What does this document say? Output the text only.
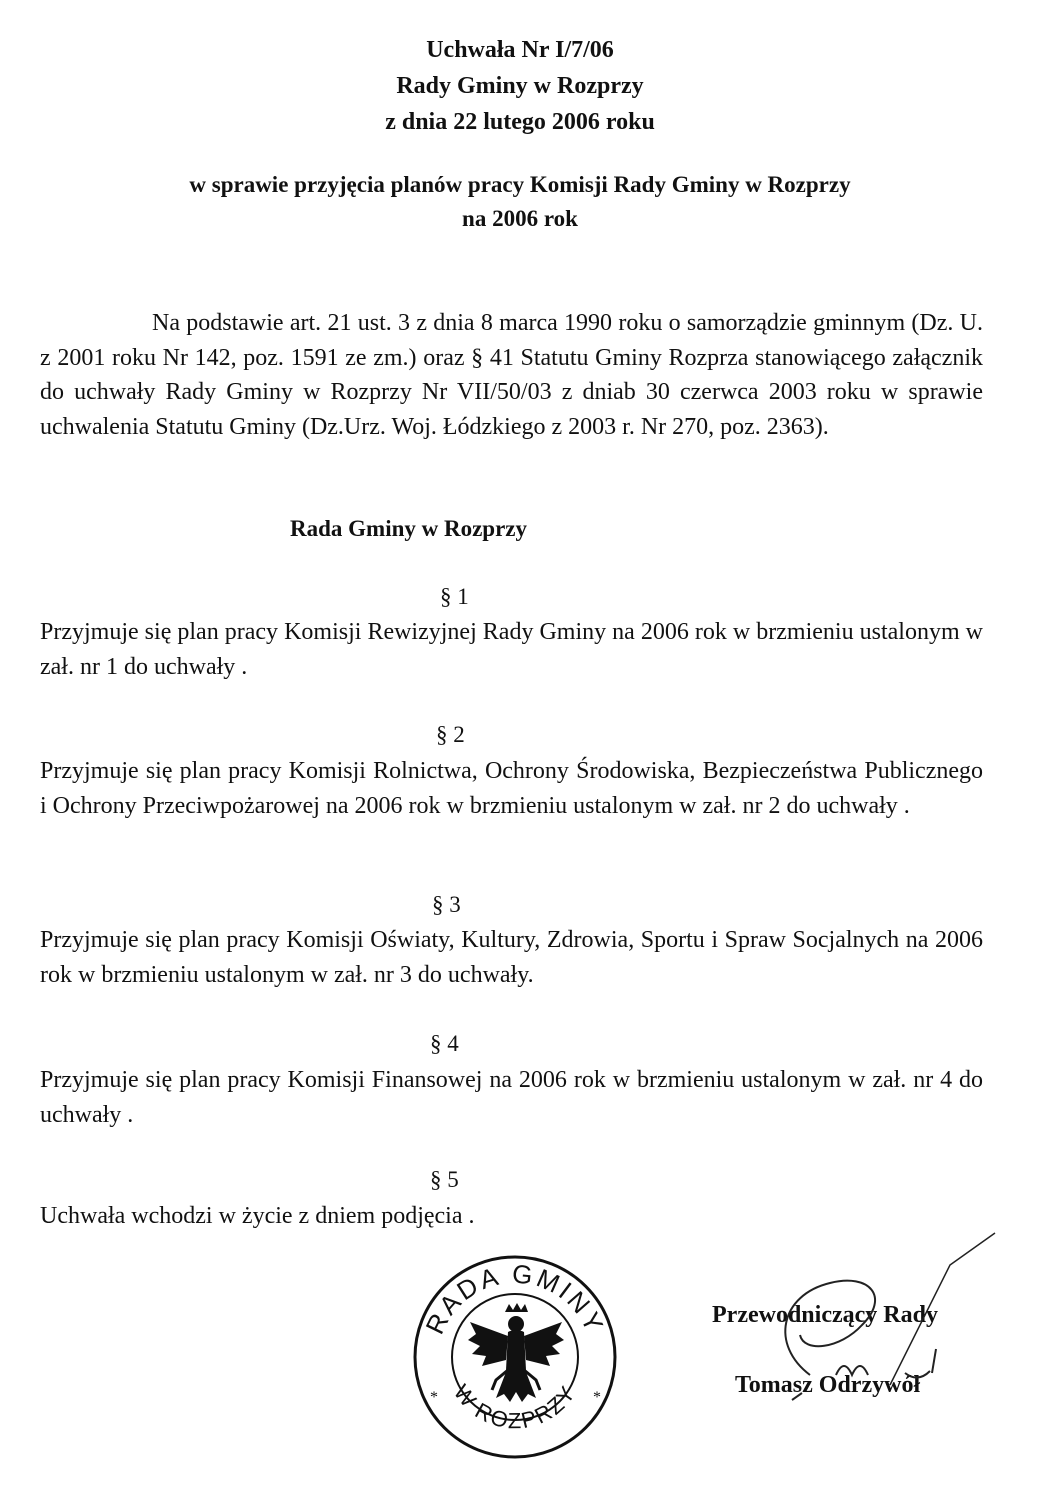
Uchwała Nr I/7/06
Rady Gminy w Rozprzy
z dnia 22 lutego 2006 roku
w sprawie przyjęcia planów pracy Komisji Rady Gminy w Rozprzy
na 2006 rok
Na podstawie art. 21 ust. 3 z dnia 8 marca 1990 roku o samorządzie gminnym (Dz. U. z 2001 roku Nr 142, poz. 1591 ze zm.) oraz § 41 Statutu Gminy Rozprza stanowiącego załącznik do uchwały Rady Gminy w Rozprzy Nr VII/50/03 z dniab 30 czerwca 2003 roku w sprawie uchwalenia Statutu Gminy (Dz.Urz. Woj. Łódzkiego z 2003 r. Nr 270, poz. 2363).
Rada Gminy w Rozprzy
§ 1
Przyjmuje się plan pracy Komisji Rewizyjnej Rady Gminy na 2006 rok w brzmieniu ustalonym w zał. nr 1 do uchwały .
§ 2
Przyjmuje się plan pracy Komisji Rolnictwa, Ochrony Środowiska, Bezpieczeństwa Publicznego i Ochrony Przeciwpożarowej na 2006 rok w brzmieniu ustalonym w zał. nr 2 do uchwały .
§ 3
Przyjmuje się plan pracy Komisji Oświaty, Kultury, Zdrowia, Sportu i Spraw Socjalnych na 2006 rok w brzmieniu ustalonym w zał. nr 3 do uchwały.
§ 4
Przyjmuje się plan pracy Komisji Finansowej na 2006 rok w brzmieniu ustalonym w zał. nr 4 do uchwały .
§ 5
Uchwała wchodzi w życie z dniem podjęcia .
RADA GMINY
W ROZPRZY
*	*
Przewodniczący Rady
Tomasz Odrzywół
